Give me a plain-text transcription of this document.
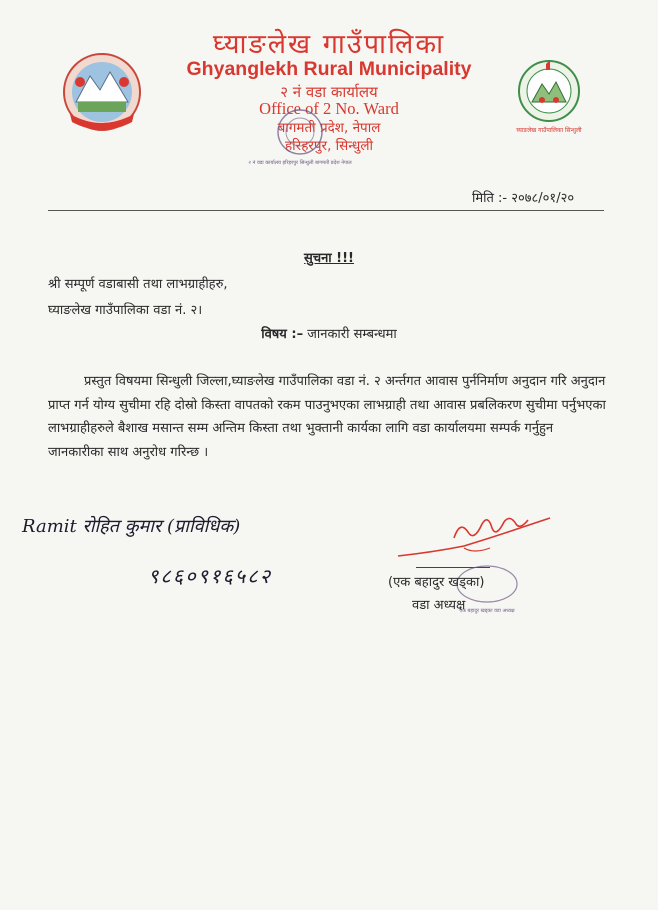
घ्याङलेख गाउँपालिका सिन्धुली
घ्याङलेख गाउँपालिका
Ghyanglekh Rural Municipality
२ नं वडा कार्यालय
Office of 2 No. Ward
बागमती प्रदेश, नेपाल
हरिहरपुर, सिन्धुली
२ नं वडा कार्यालय हरिहरपुर सिन्धुली बागमती प्रदेश नेपाल
मिति :- २०७८/०१/२०
सुचना !!!
श्री सम्पूर्ण वडाबासी तथा लाभग्राहीहरु,
घ्याङलेख गाउँपालिका वडा नं. २।
विषय :– जानकारी सम्बन्धमा
प्रस्तुत विषयमा सिन्धुली जिल्ला,घ्याङलेख गाउँपालिका वडा नं. २ अर्न्तगत आवास पुर्ननिर्माण अनुदान गरि अनुदान प्राप्त गर्न योग्य सुचीमा रहि दोस्रो किस्ता वापतको रकम पाउनुभएका लाभग्राही तथा आवास प्रबलिकरण सुचीमा पर्नुभएका लाभग्राहीहरुले बैशाख मसान्त सम्म अन्तिम किस्ता तथा भुक्तानी कार्यका लागि वडा कार्यालयमा सम्पर्क गर्नुहुन जानकारीका साथ अनुरोध गरिन्छ ।
Ramit रोहित कुमार (प्राविधिक)
९८६०९१६५८२
एक बहादुर खड्का वडा अध्यक्ष
(एक बहादुर खड्का)
वडा अध्यक्ष
